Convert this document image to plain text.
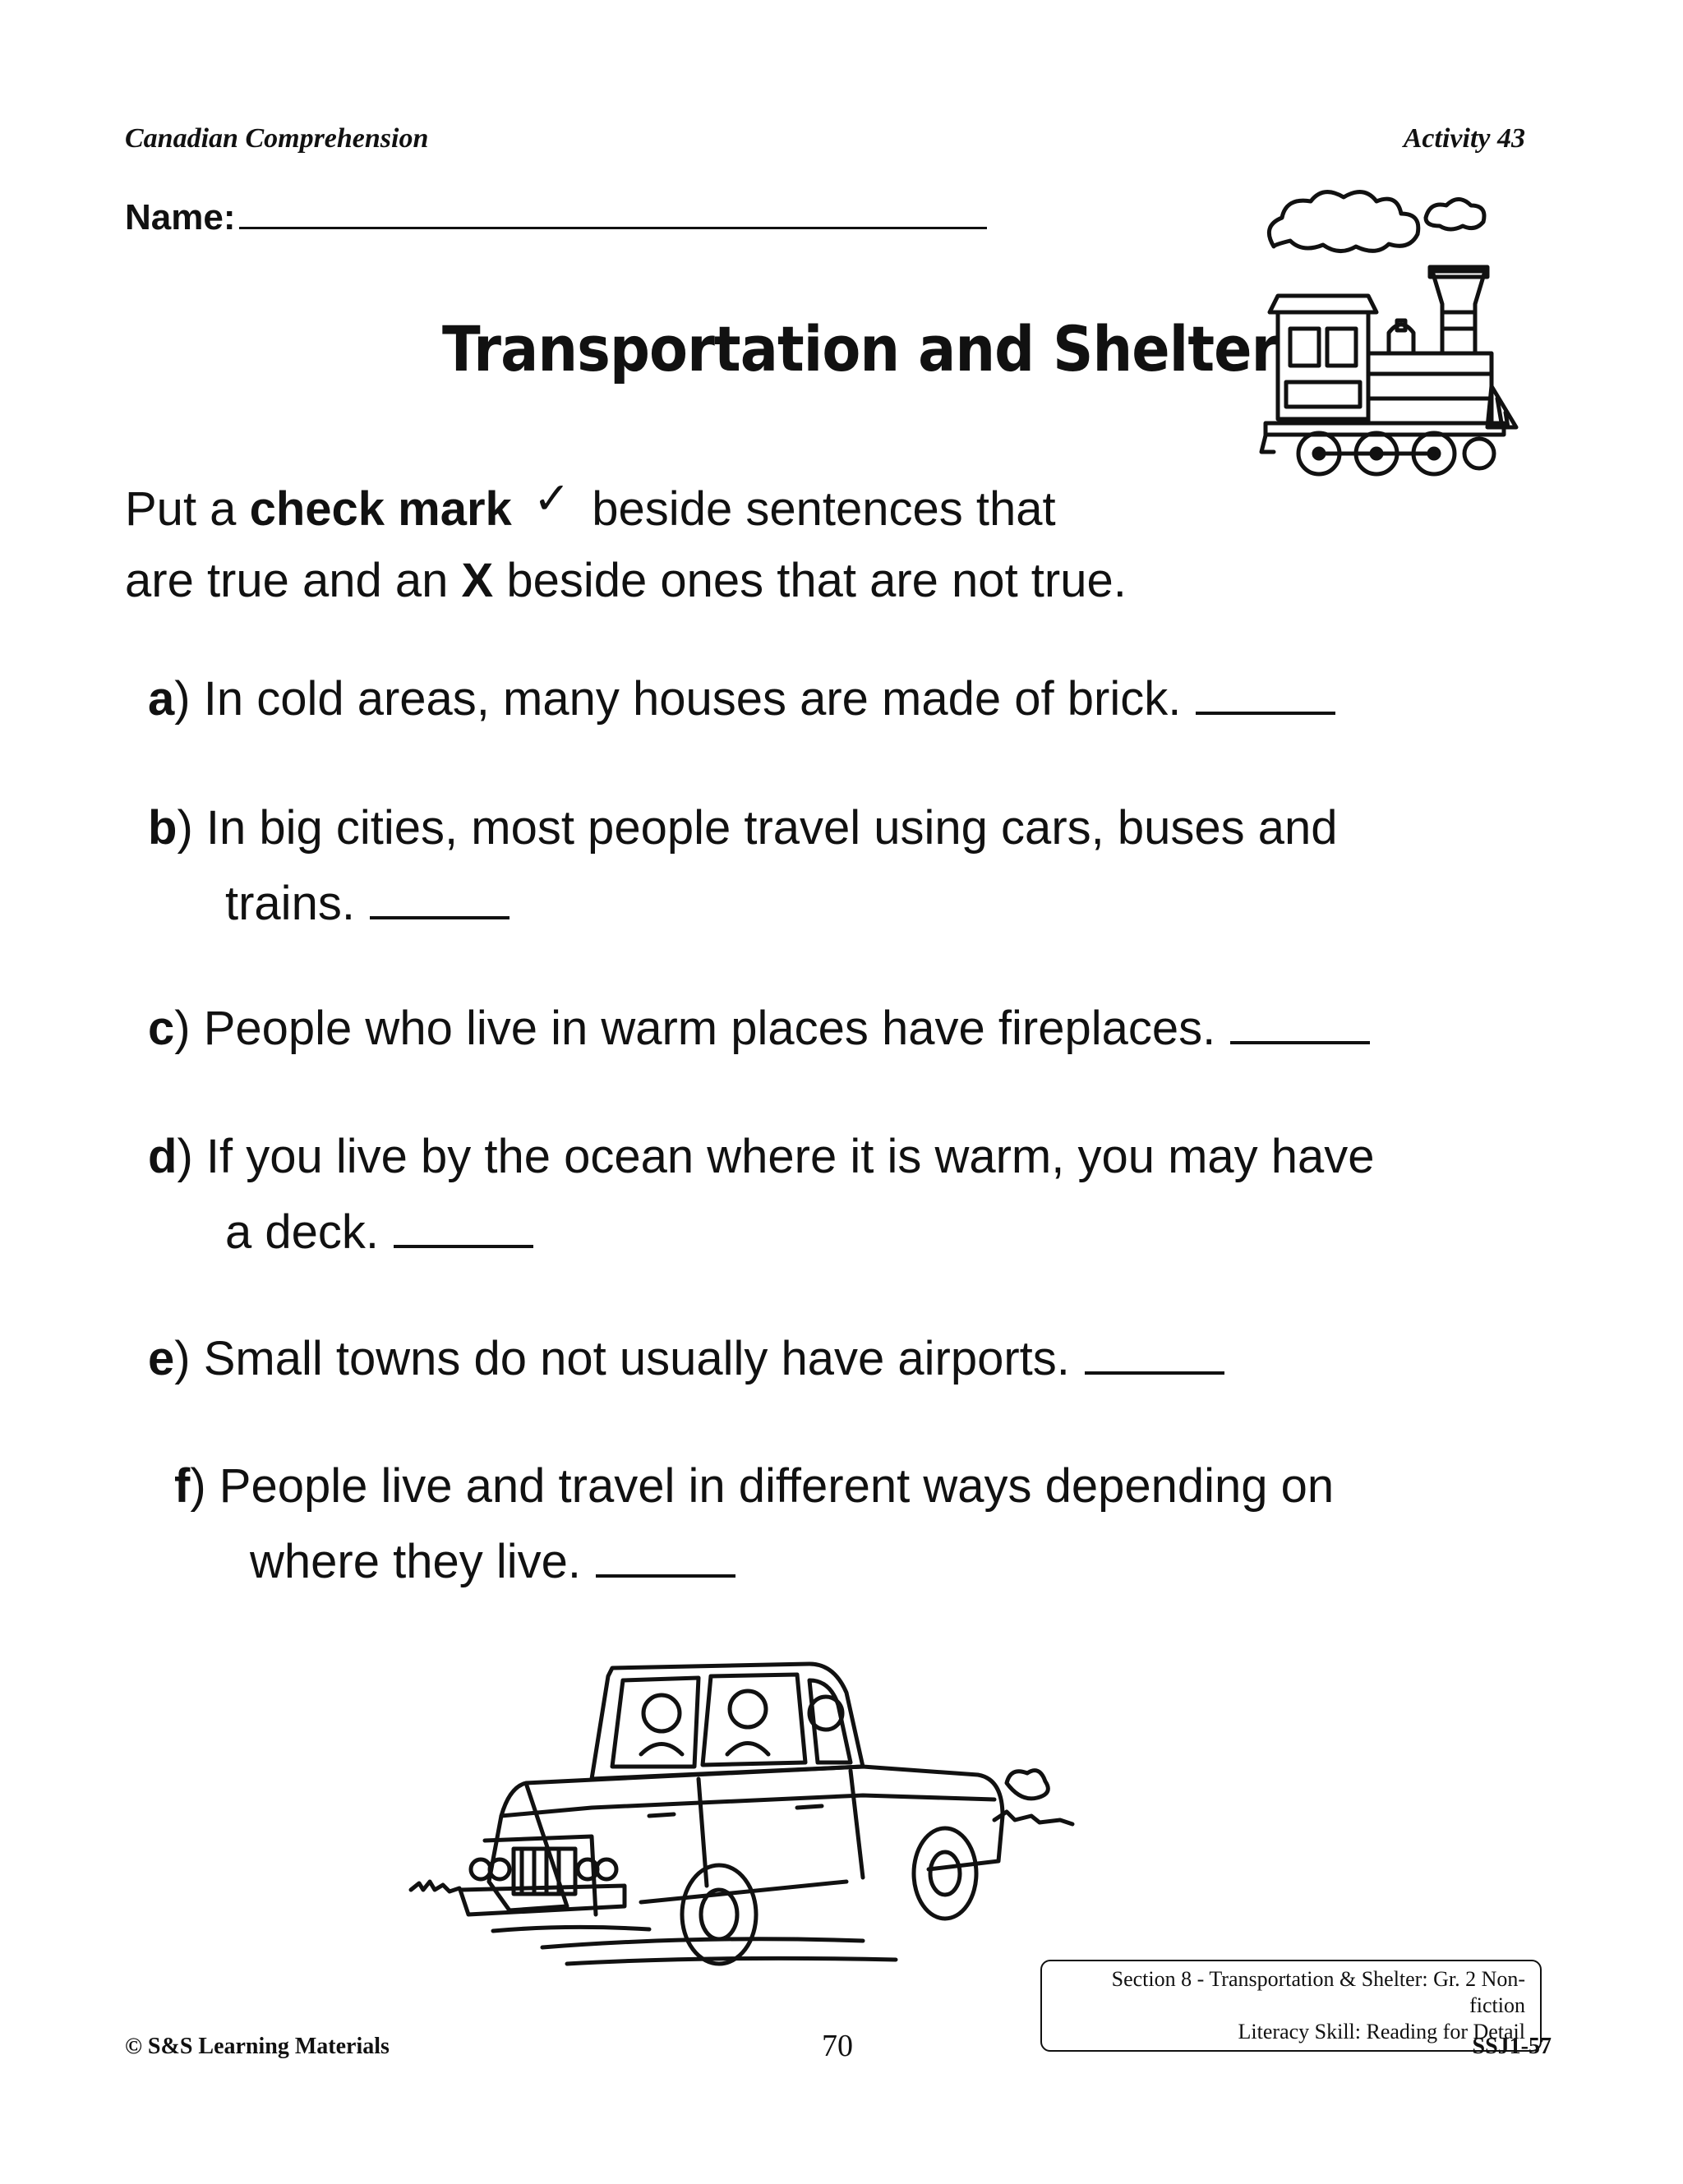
Canadian Comprehension	Activity 43
Name:
Transportation and Shelter
Put a check mark ✓ beside sentences that
are true and an X beside ones that are not true.
a) In cold areas, many houses are made of brick.
b) In big cities, most people travel using cars, buses and
trains.
c) People who live in warm places have fireplaces.
d) If you live by the ocean where it is warm, you may have
a deck.
e) Small towns do not usually have airports.
f) People live and travel in different ways depending on
where they live.
Section 8 - Transportation & Shelter: Gr. 2 Non-fiction
Literacy Skill: Reading for Detail
© S&S Learning Materials	70	SSJ1-57
